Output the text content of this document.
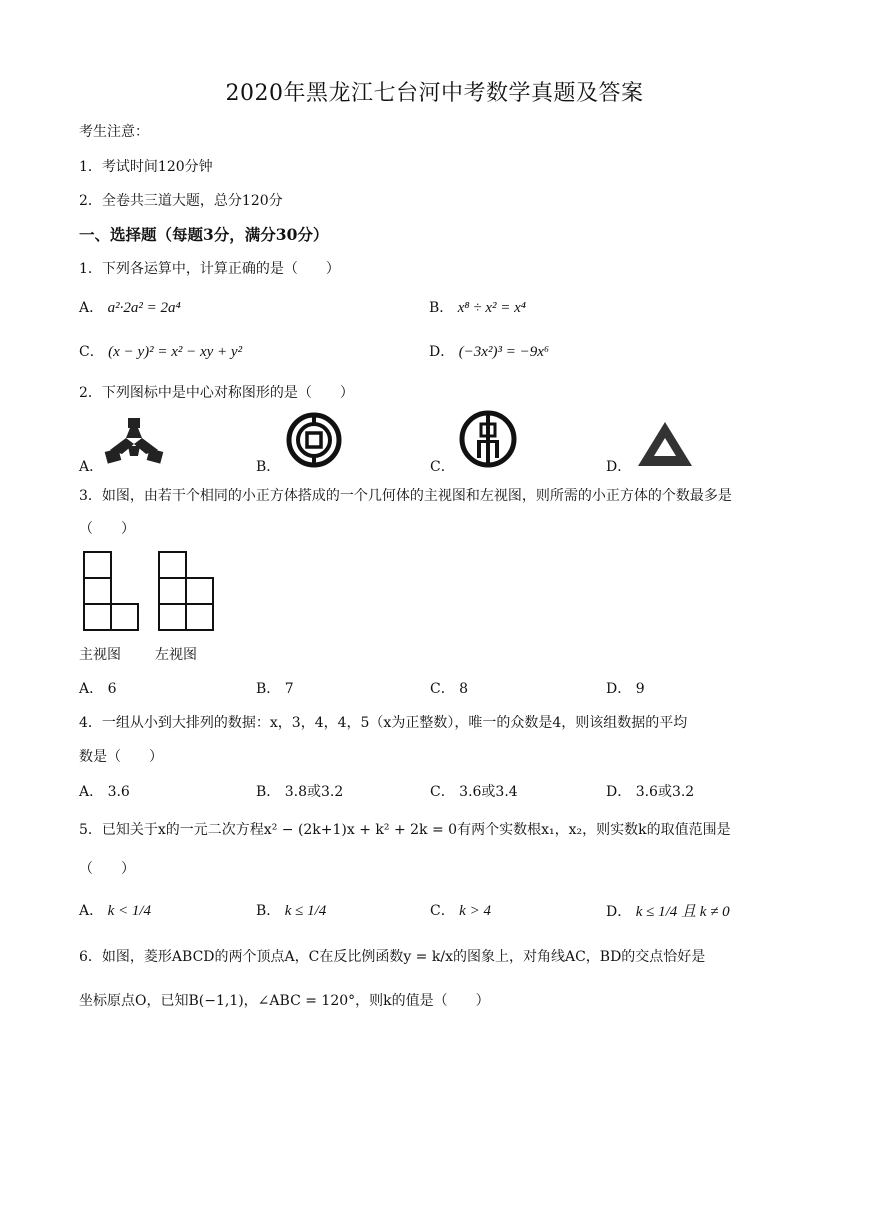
2020年黑龙江七台河中考数学真题及答案
考生注意：
1．考试时间120分钟
2．全卷共三道大题，总分120分
一、选择题（每题3分，满分30分）
1．下列各运算中，计算正确的是（　　）
A． a²·2a² = 2a⁴	B． x⁸ ÷ x² = x⁴
C． (x − y)² = x² − xy + y²	D． (−3x²)³ = −9x⁶
2．下列图标中是中心对称图形的是（　　）
A．	B．	C．	D．
3．如图，由若干个相同的小正方体搭成的一个几何体的主视图和左视图，则所需的小正方体的个数最多是
（　　）
主视图 左视图
A． 6	B． 7	C． 8	D． 9
4．一组从小到大排列的数据：x，3，4，4，5（x为正整数），唯一的众数是4，则该组数据的平均
数是（　　）
A． 3.6	B． 3.8或3.2	C． 3.6或3.4	D． 3.6或3.2
5．已知关于x的一元二次方程x² − (2k+1)x + k² + 2k = 0有两个实数根x₁，x₂，则实数k的取值范围是
（　　）
A． k < 1/4	B． k ≤ 1/4	C． k > 4	D． k ≤ 1/4 且 k ≠ 0
6．如图，菱形ABCD的两个顶点A，C在反比例函数y = k/x的图象上，对角线AC，BD的交点恰好是
坐标原点O，已知B(−1,1)，∠ABC = 120°，则k的值是（　　）
